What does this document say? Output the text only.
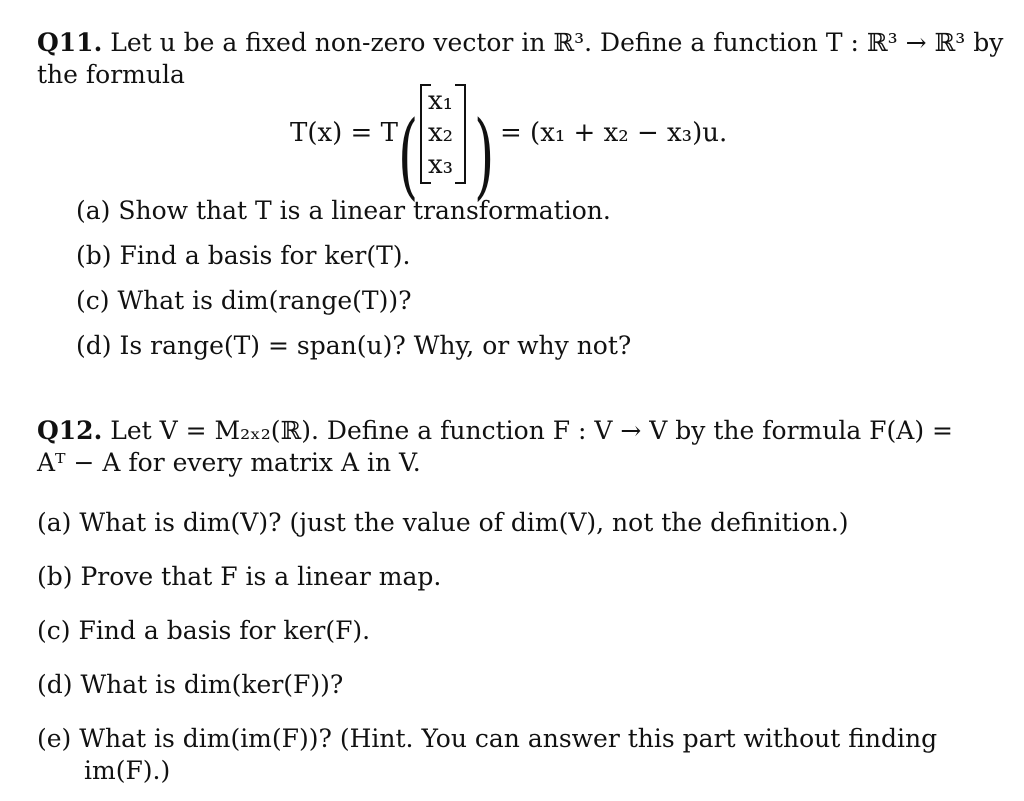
Q11. Let u be a fixed non-zero vector in ℝ³. Define a function T : ℝ³ → ℝ³ by
the formula
T(x) = T (
x₁
x₂
x₃ ) = (x₁ + x₂ − x₃)u.
(a) Show that T is a linear transformation.
(b) Find a basis for ker(T).
(c) What is dim(range(T))?
(d) Is range(T) = span(u)? Why, or why not?
Q12. Let V = M₂ₓ₂(ℝ). Define a function F : V → V by the formula F(A) =
Aᵀ − A for every matrix A in V.
(a) What is dim(V)? (just the value of dim(V), not the definition.)
(b) Prove that F is a linear map.
(c) Find a basis for ker(F).
(d) What is dim(ker(F))?
(e) What is dim(im(F))? (Hint. You can answer this part without finding
im(F).)
